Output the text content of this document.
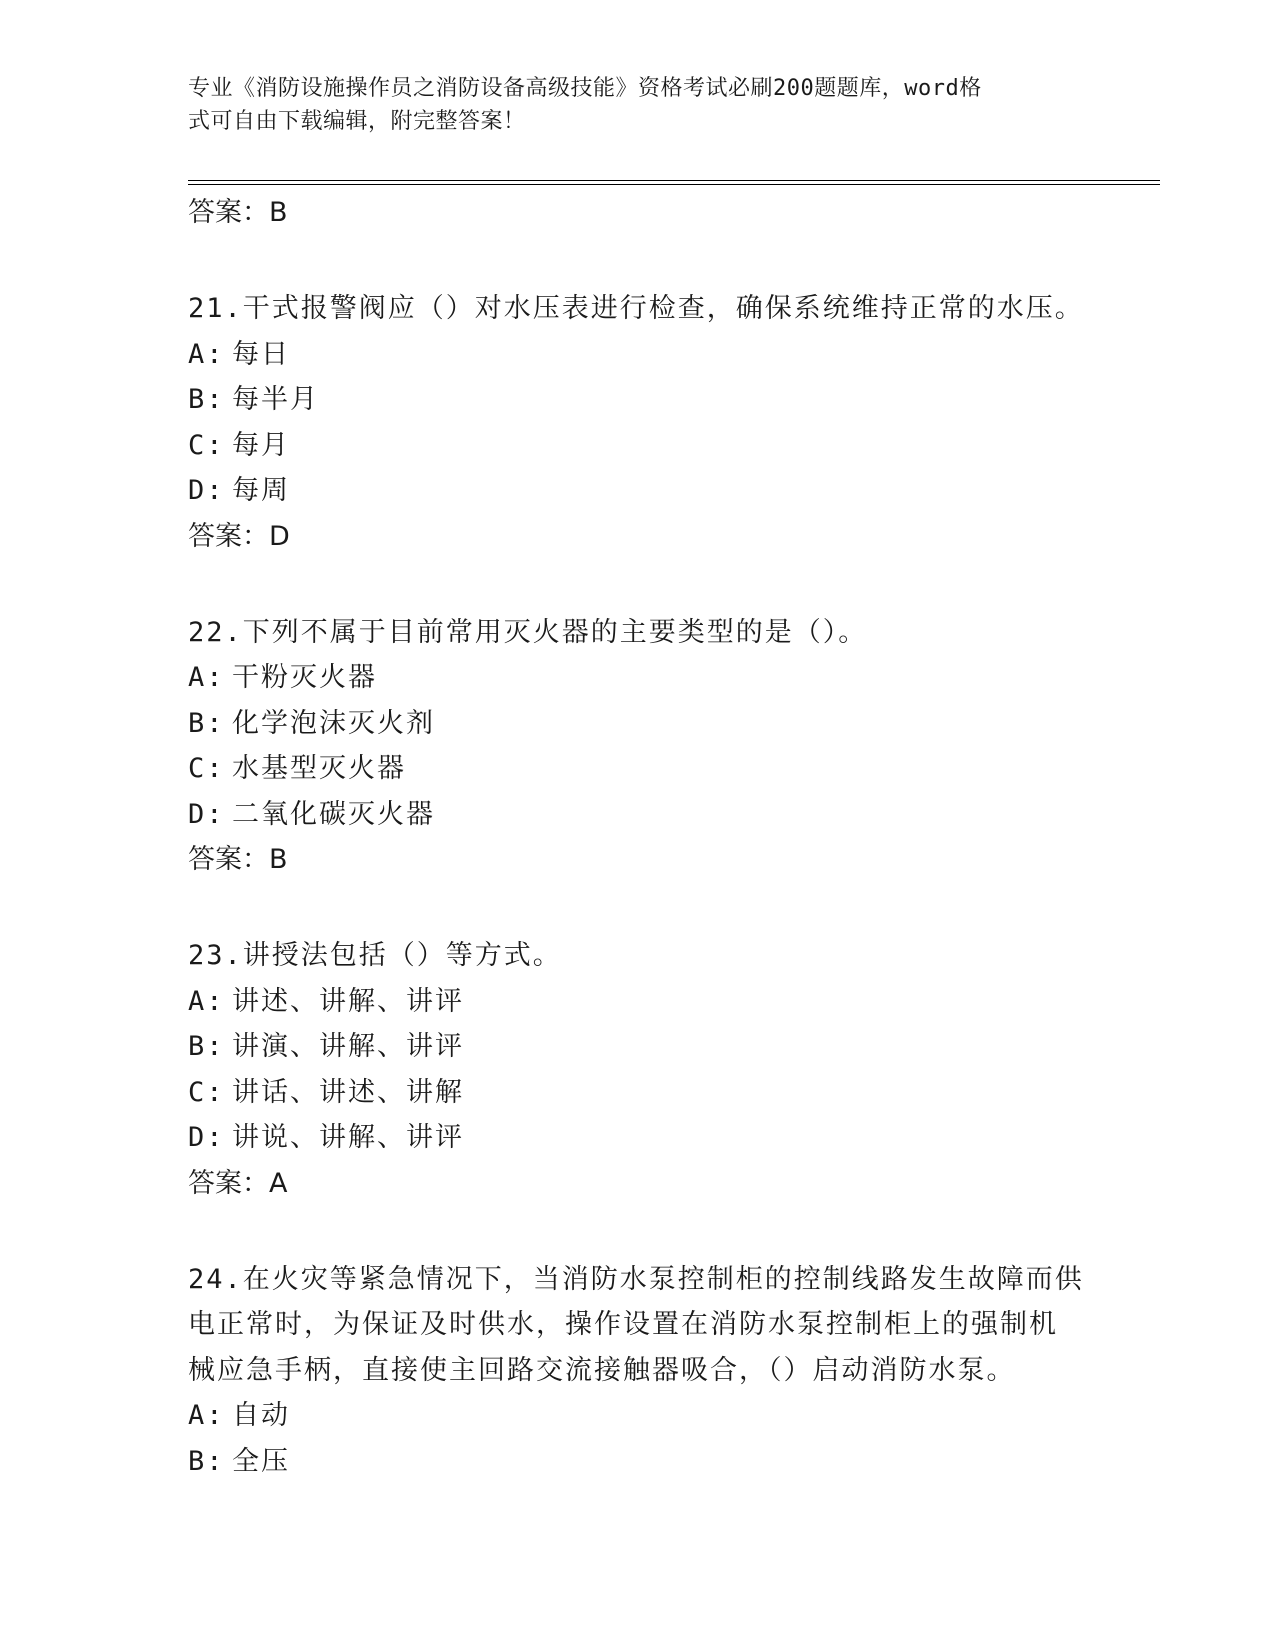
专业《消防设施操作员之消防设备高级技能》资格考试必刷200题题库，word格
式可自由下载编辑，附完整答案！
答案：B
21.干式报警阀应（）对水压表进行检查，确保系统维持正常的水压。
A: 每日
B: 每半月
C: 每月
D: 每周
答案：D
22.下列不属于目前常用灭火器的主要类型的是（）。
A: 干粉灭火器
B: 化学泡沫灭火剂
C: 水基型灭火器
D: 二氧化碳灭火器
答案：B
23.讲授法包括（）等方式。
A: 讲述、讲解、讲评
B: 讲演、讲解、讲评
C: 讲话、讲述、讲解
D: 讲说、讲解、讲评
答案：A
24.在火灾等紧急情况下，当消防水泵控制柜的控制线路发生故障而供
电正常时，为保证及时供水，操作设置在消防水泵控制柜上的强制机
械应急手柄，直接使主回路交流接触器吸合，（）启动消防水泵。
A: 自动
B: 全压
